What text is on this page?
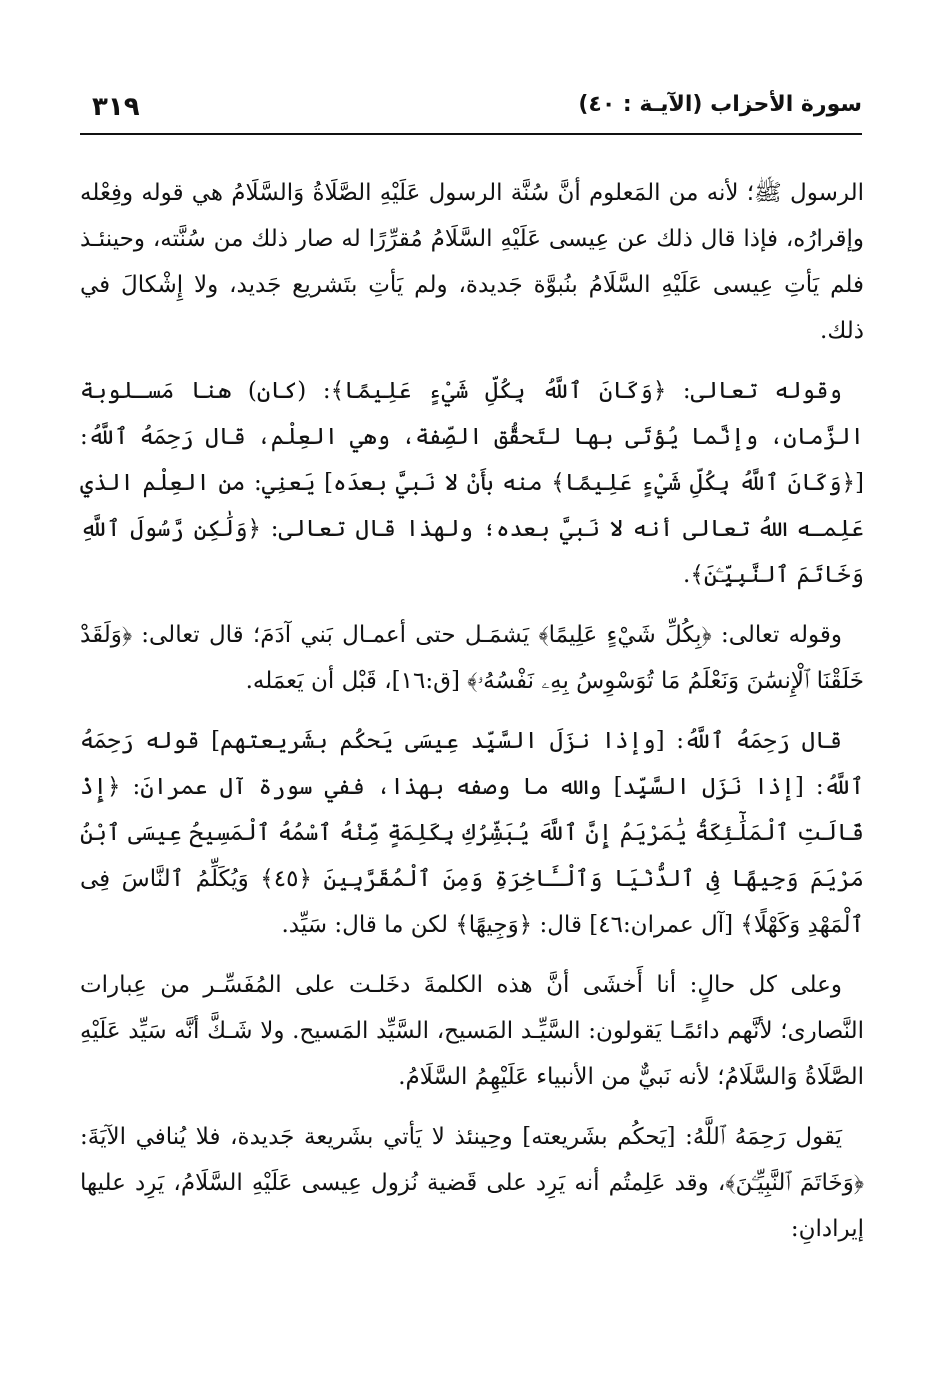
سورة الأحزاب (الآيـة : ٤٠)
٣١٩

الرسول ﷺ؛ لأنه من المَعلوم أنَّ سُنَّة الرسول عَلَيْهِ الصَّلَاةُ وَالسَّلَامُ هي قوله وفِعْله وإقرارُه، فإذا قال ذلك عن عِيسى عَلَيْهِ السَّلَامُ مُقرِّرًا له صار ذلك من سُنَّته، وحينئـذ فلم يَأتِ عِيسى عَلَيْهِ السَّلَامُ بنُبوَّة جَديدة، ولم يَأتِ بتَشريع جَديد، ولا إِشْكالَ في ذلك.

وقوله تعالى: ﴿وَكَانَ ٱللَّهُ بِكُلِّ شَيْءٍ عَلِيمًا﴾: (كان) هنا مَسـلوبة الزَّمان، وإنَّما يُؤتَى بها لتَحقُّق الصِّفة، وهي العِلْم، قال رَحِمَهُ ٱللَّهُ: [﴿وَكَانَ ٱللَّهُ بِكُلِّ شَيْءٍ عَلِيمًا﴾ منه بأَنْ لا نَبيَّ بعدَه] يَعنِي: من العِلْم الذي عَلِمـه اللهُ تعالى أنه لا نَبيَّ بعده؛ ولهذا قال تعالى: ﴿وَلَٰكِن رَّسُولَ ٱللَّهِ وَخَاتَمَ ٱلنَّبِيِّـۧنَ﴾.

وقوله تعالى: ﴿بِكُلِّ شَيْءٍ عَلِيمًا﴾ يَشمَـل حتى أعمـال بَني آدَمَ؛ قال تعالى: ﴿وَلَقَدْ خَلَقْنَا ٱلْإِنسَٰنَ وَنَعْلَمُ مَا تُوَسْوِسُ بِهِۦ نَفْسُهُۥ﴾ [ق:١٦]، قَبْل أن يَعمَله.

قال رَحِمَهُ ٱللَّهُ: [وإذا نزَلَ السَّيِّد عِيسَى يَحكُم بشَريعتهم] قوله رَحِمَهُ ٱللَّهُ: [إذا نَزَل السَّيِّد] والله ما وصفه بهذا، ففي سورة آل عمرانَ: ﴿إِذْ قَالَتِ ٱلْمَلَٰٓئِكَةُ يَٰمَرْيَمُ إِنَّ ٱللَّهَ يُبَشِّرُكِ بِكَلِمَةٍ مِّنْهُ ٱسْمُهُ ٱلْمَسِيحُ عِيسَى ٱبْنُ مَرْيَمَ وَجِيهًا فِى ٱلدُّنْيَا وَٱلْـَٔاخِرَةِ وَمِنَ ٱلْمُقَرَّبِينَ ﴿٤٥﴾ وَيُكَلِّمُ ٱلنَّاسَ فِى ٱلْمَهْدِ وَكَهْلًا﴾ [آل عمران:٤٦] قال: ﴿وَجِيهًا﴾ لكن ما قال: سَيِّد.

وعلى كل حالٍ: أنا أَخشَى أنَّ هذه الكلمةَ دخَلـت على المُفَسِّـر من عِبارات النَّصارى؛ لأنَّهم دائمًـا يَقولون: السَّيِّـد المَسيح، السَّيِّد المَسيح. ولا شَـكَّ أنَّه سَيِّد عَلَيْهِ الصَّلَاةُ وَالسَّلَامُ؛ لأنه نَبيٌّ من الأنبياء عَلَيْهِمُ السَّلَامُ.

يَقول رَحِمَهُ ٱللَّهُ: [يَحكُم بشَريعته] وحِينئذ لا يَأتي بشَريعة جَديدة، فلا يُنافي الآيَةَ: ﴿وَخَاتَمَ ٱلنَّبِيِّـۧنَ﴾، وقد عَلِمتُم أنه يَرِد على قَضية نُزول عِيسى عَلَيْهِ السَّلَامُ، يَرِد عليها إيرادانِ:
